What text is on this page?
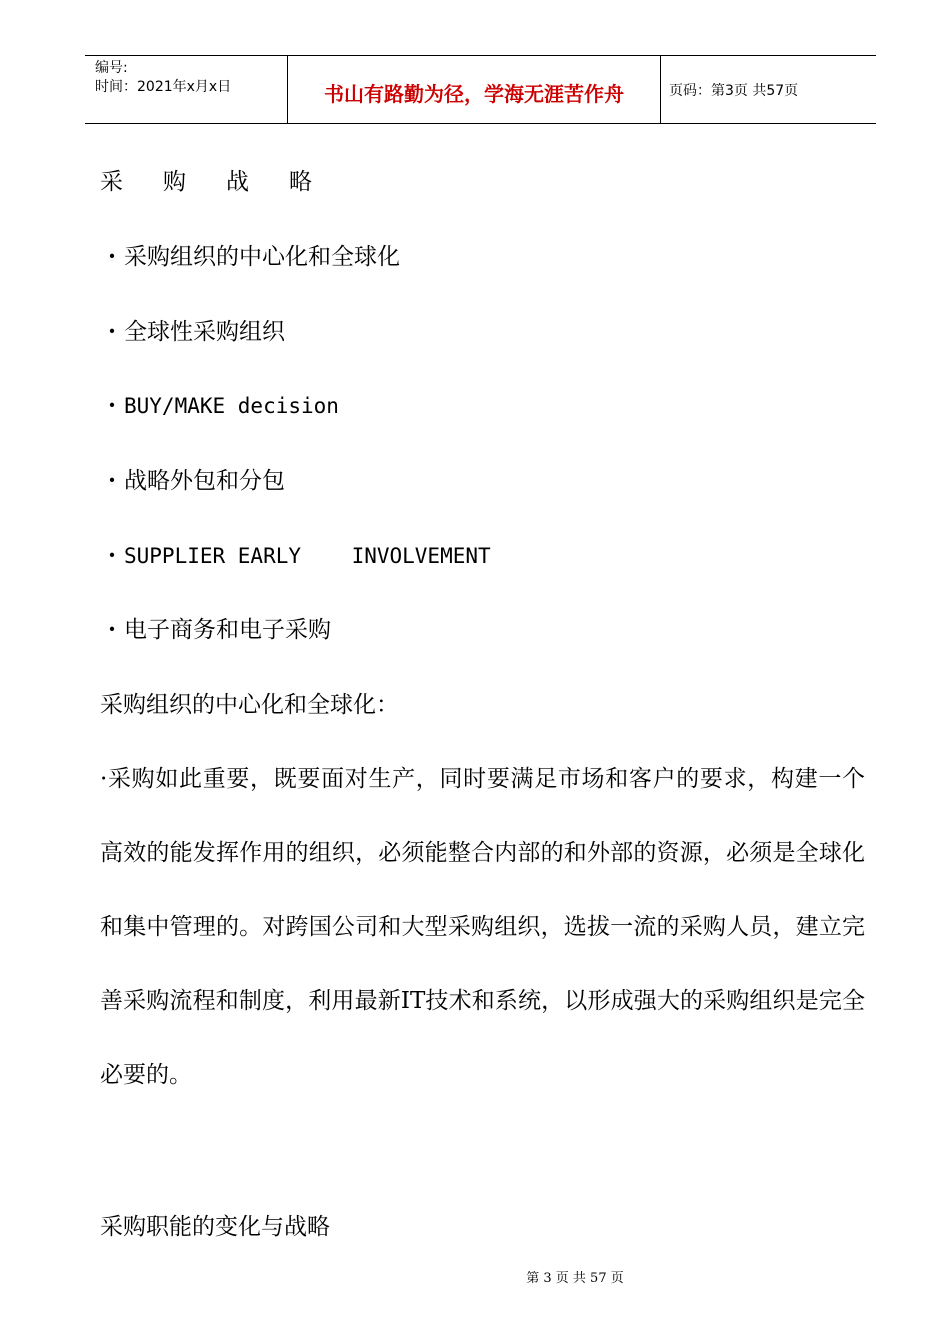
编号:
时间：2021年x月x日	书山有路勤为径，学海无涯苦作舟	页码：第3页 共57页
采购战略
· 采购组织的中心化和全球化
· 全球性采购组织
· BUY/MAKE decision
· 战略外包和分包
· SUPPLIER EARLY    INVOLVEMENT
· 电子商务和电子采购
采购组织的中心化和全球化：
·采购如此重要，既要面对生产，同时要满足市场和客户的要求，构建一个高效的能发挥作用的组织，必须能整合内部的和外部的资源，必须是全球化和集中管理的。对跨国公司和大型采购组织，选拔一流的采购人员，建立完善采购流程和制度，利用最新IT技术和系统，以形成强大的采购组织是完全必要的。
采购职能的变化与战略
第 3 页 共 57 页
